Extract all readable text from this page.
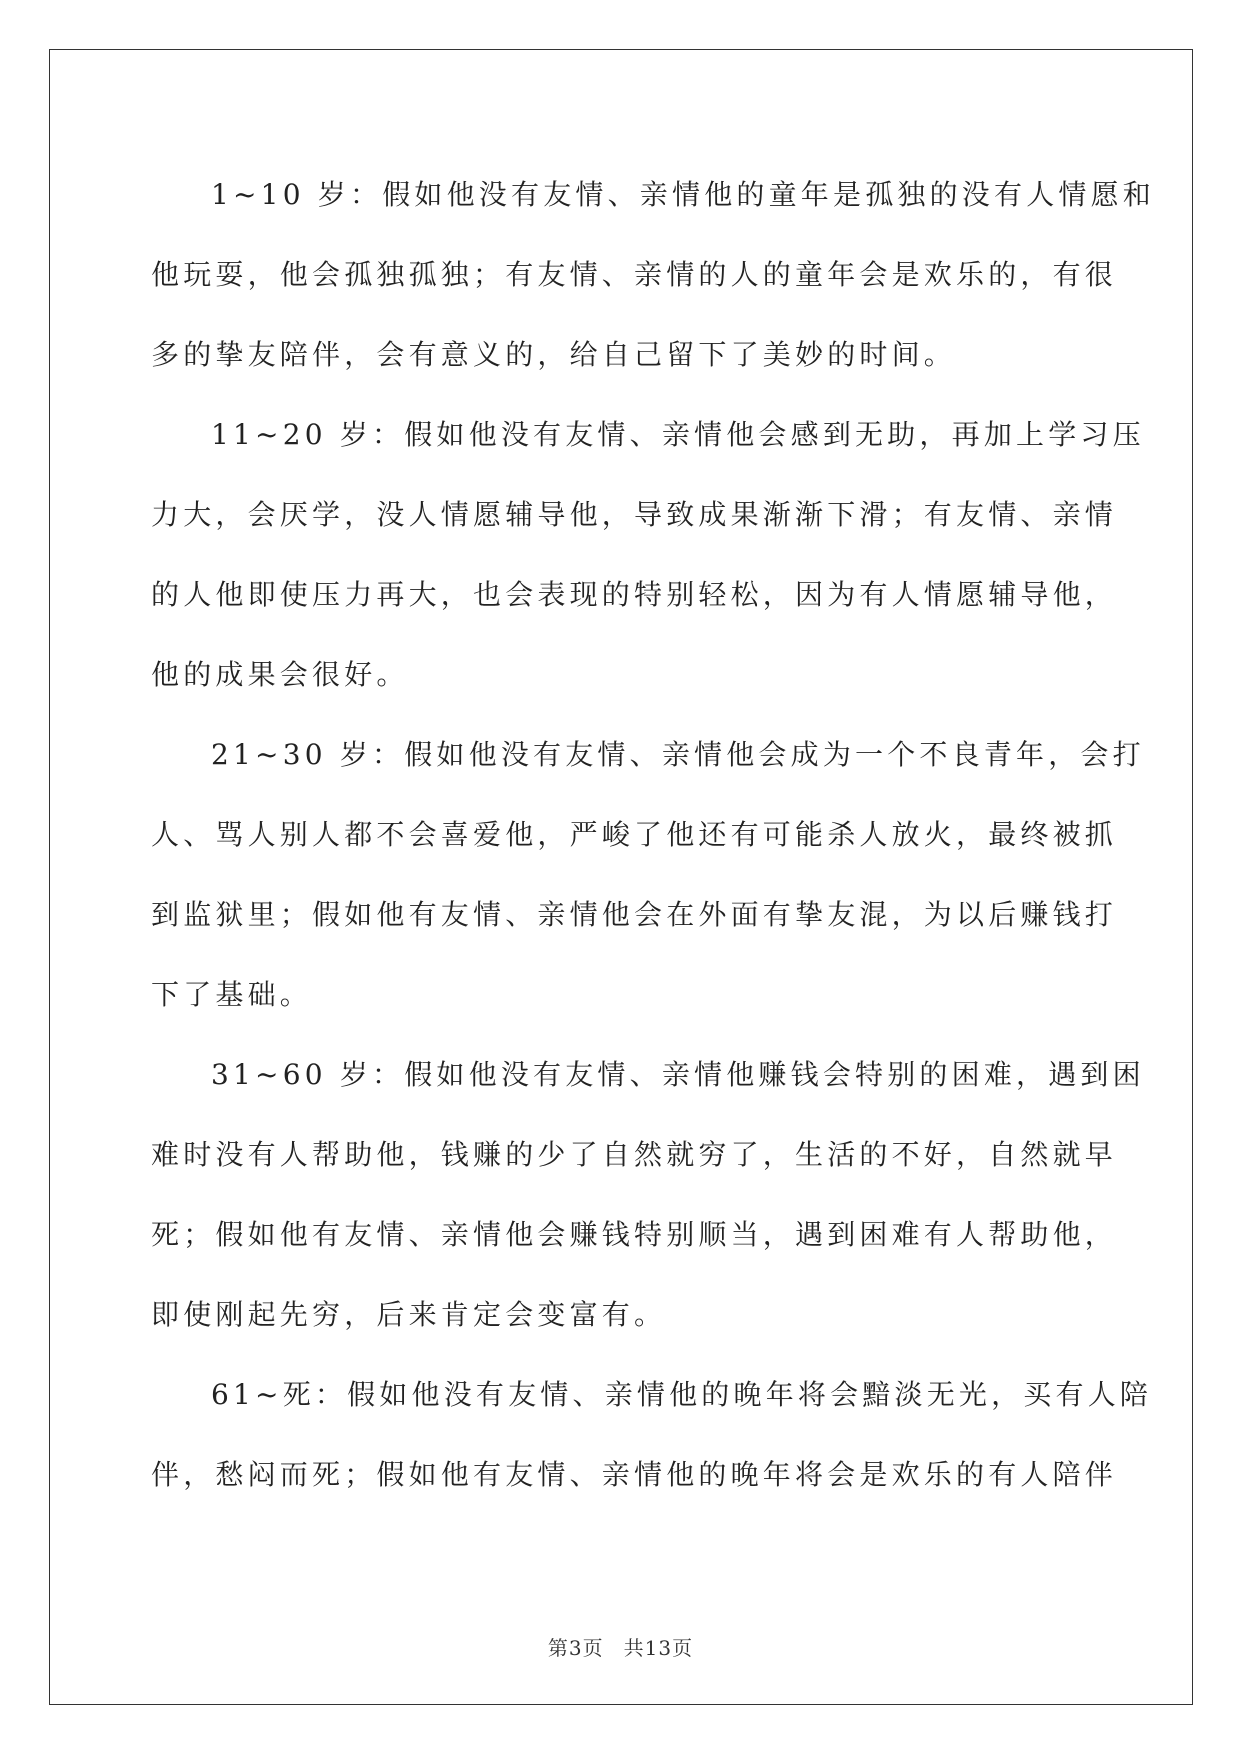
1~10 岁：假如他没有友情、亲情他的童年是孤独的没有人情愿和
他玩耍，他会孤独孤独；有友情、亲情的人的童年会是欢乐的，有很
多的挚友陪伴，会有意义的，给自己留下了美妙的时间。
11~20 岁：假如他没有友情、亲情他会感到无助，再加上学习压
力大，会厌学，没人情愿辅导他，导致成果渐渐下滑；有友情、亲情
的人他即使压力再大，也会表现的特别轻松，因为有人情愿辅导他，
他的成果会很好。
21~30 岁：假如他没有友情、亲情他会成为一个不良青年，会打
人、骂人别人都不会喜爱他，严峻了他还有可能杀人放火，最终被抓
到监狱里；假如他有友情、亲情他会在外面有挚友混，为以后赚钱打
下了基础。
31~60 岁：假如他没有友情、亲情他赚钱会特别的困难，遇到困
难时没有人帮助他，钱赚的少了自然就穷了，生活的不好，自然就早
死；假如他有友情、亲情他会赚钱特别顺当，遇到困难有人帮助他，
即使刚起先穷，后来肯定会变富有。
61~死：假如他没有友情、亲情他的晚年将会黯淡无光，买有人陪
伴，愁闷而死；假如他有友情、亲情他的晚年将会是欢乐的有人陪伴
第3页 共13页
